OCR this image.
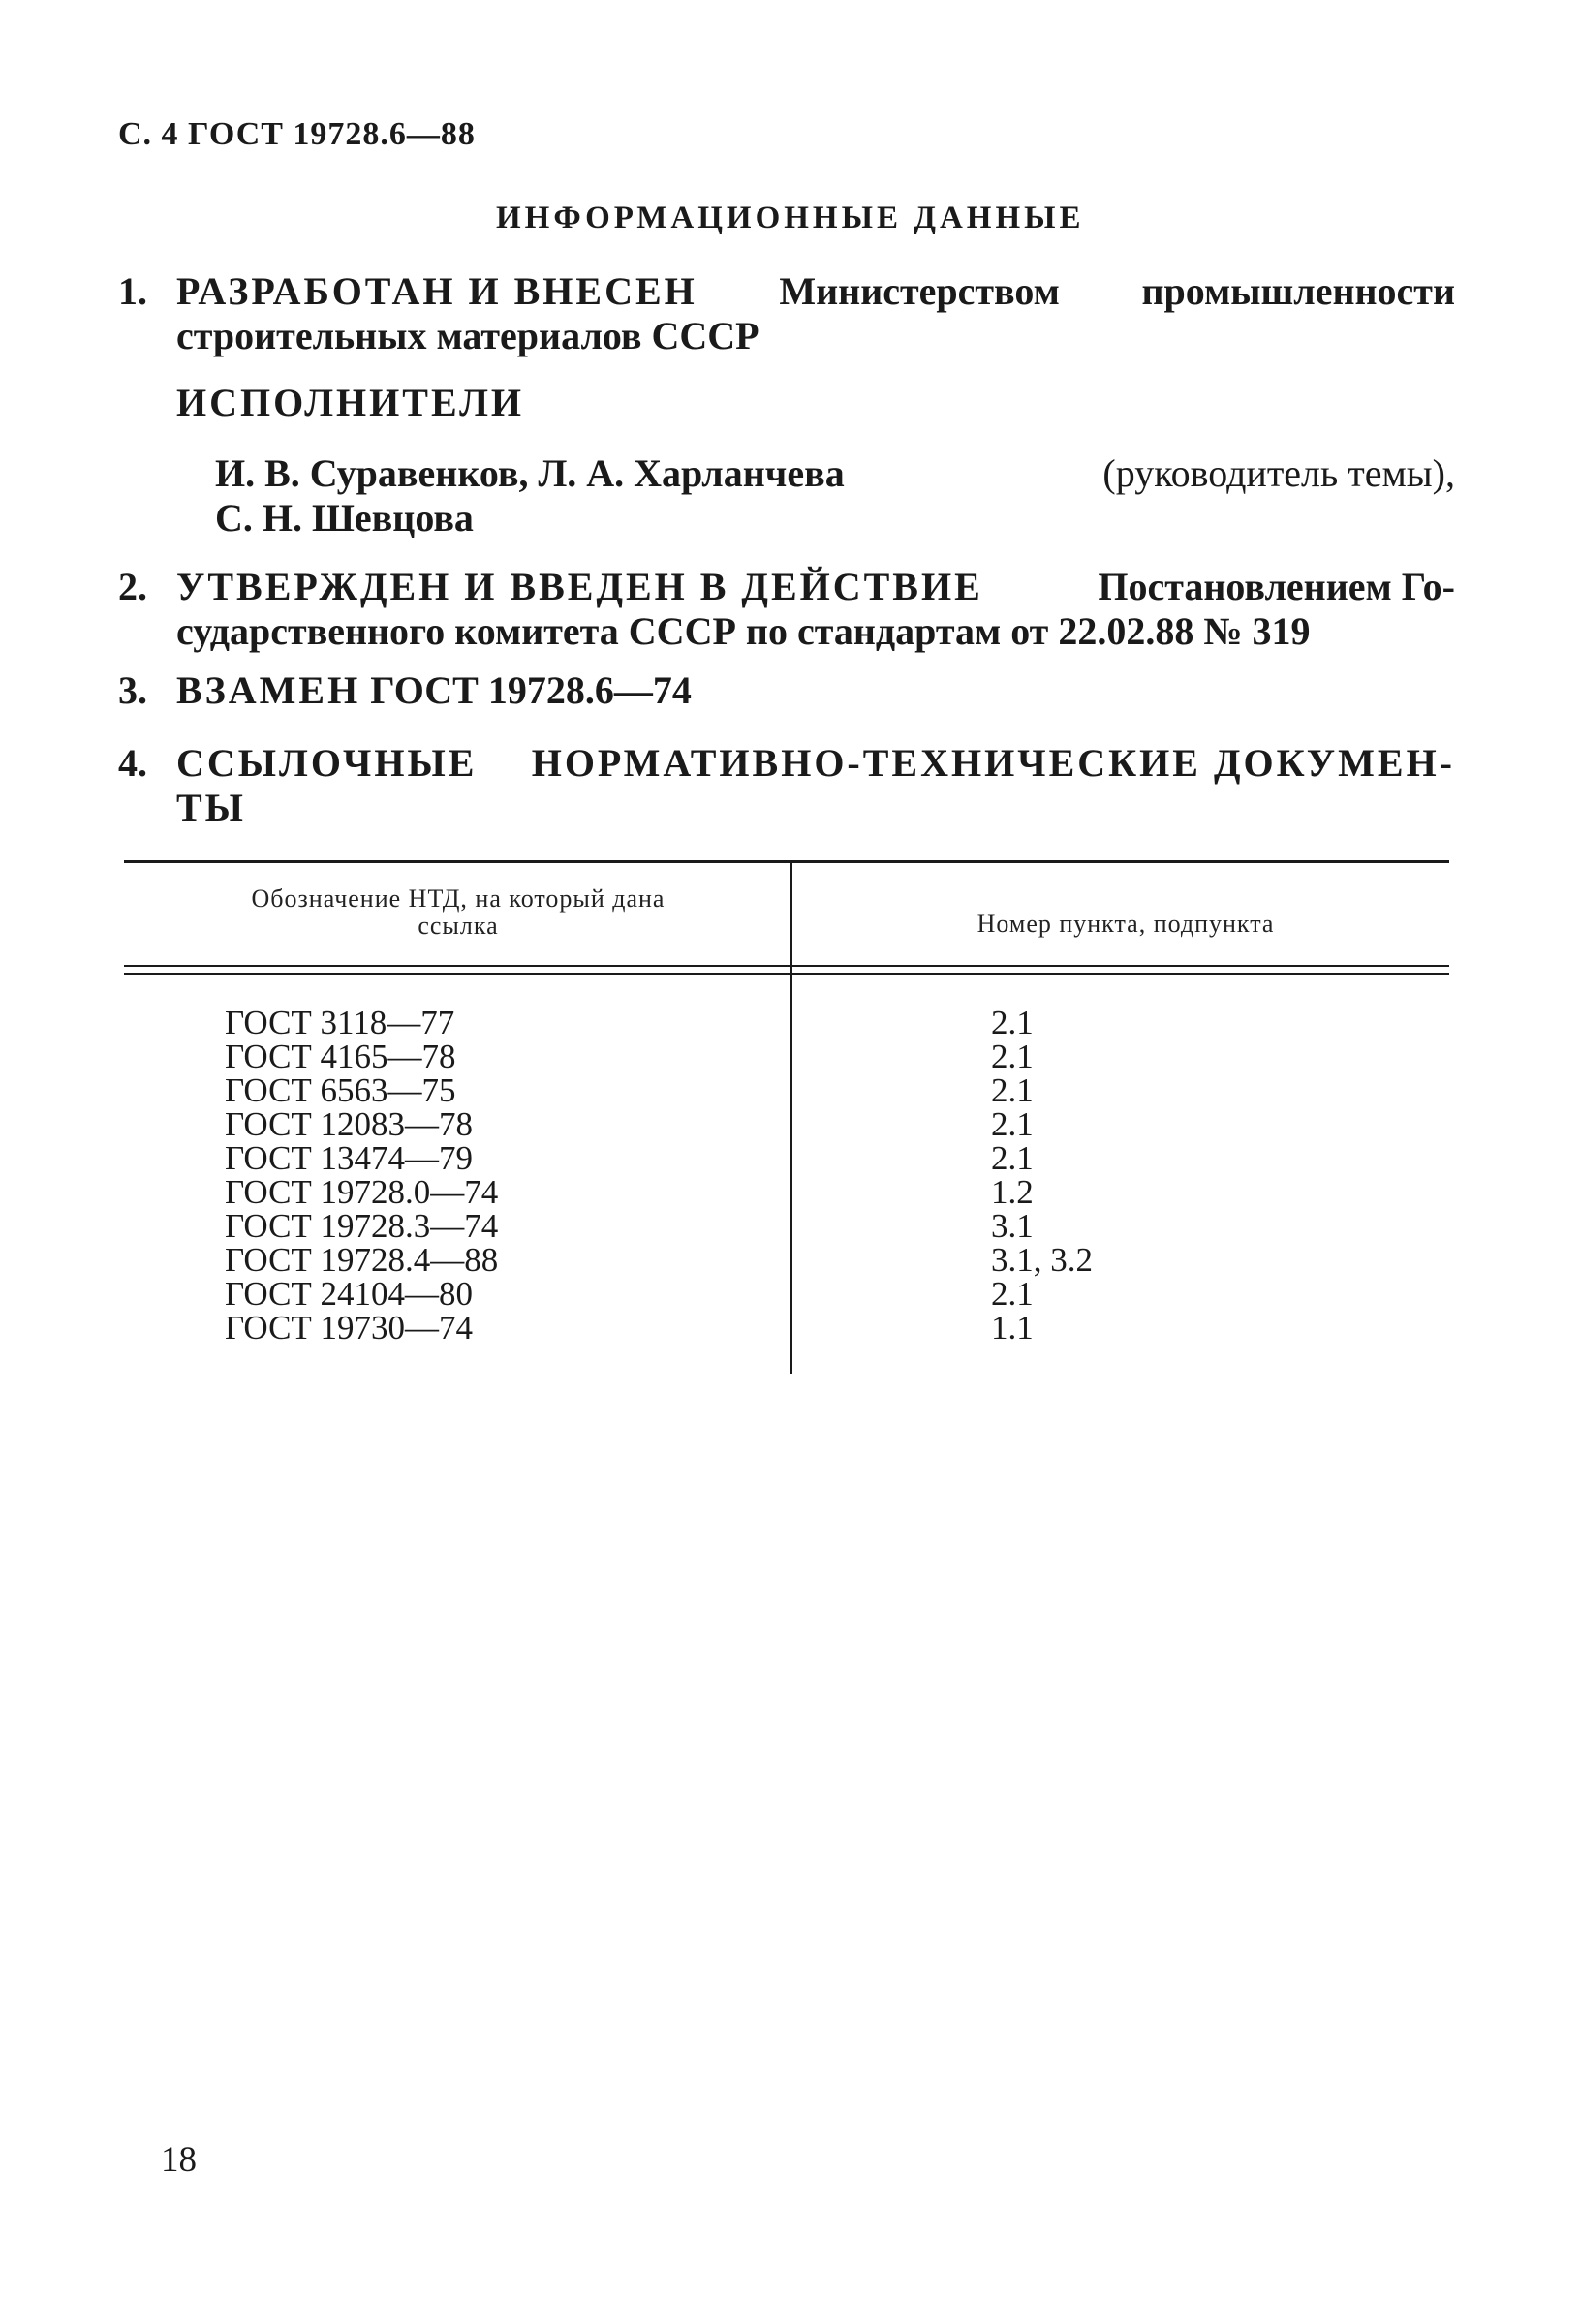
С. 4 ГОСТ 19728.6—88
ИНФОРМАЦИОННЫЕ ДАННЫЕ
1. РАЗРАБОТАН И ВНЕСЕН Министерством промышленности
строительных материалов СССР
ИСПОЛНИТЕЛИ
И. В. Суравенков, Л. А. Харланчева	(руководитель темы),
С. Н. Шевцова
2. УТВЕРЖДЕН И ВВЕДЕН В ДЕЙСТВИЕ	Постановлением Го-
сударственного комитета СССР по стандартам от 22.02.88 № 319
3. ВЗАМЕН ГОСТ 19728.6—74
4. ССЫЛОЧНЫЕ НОРМАТИВНО-ТЕХНИЧЕСКИЕ ДОКУМЕН-
ТЫ
Обозначение НТД, на который дана
ссылка	Номер пункта, подпункта
ГОСТ 3118—77	2.1
ГОСТ 4165—78	2.1
ГОСТ 6563—75	2.1
ГОСТ 12083—78	2.1
ГОСТ 13474—79	2.1
ГОСТ 19728.0—74	1.2
ГОСТ 19728.3—74	3.1
ГОСТ 19728.4—88	3.1, 3.2
ГОСТ 24104—80	2.1
ГОСТ 19730—74	1.1
18
